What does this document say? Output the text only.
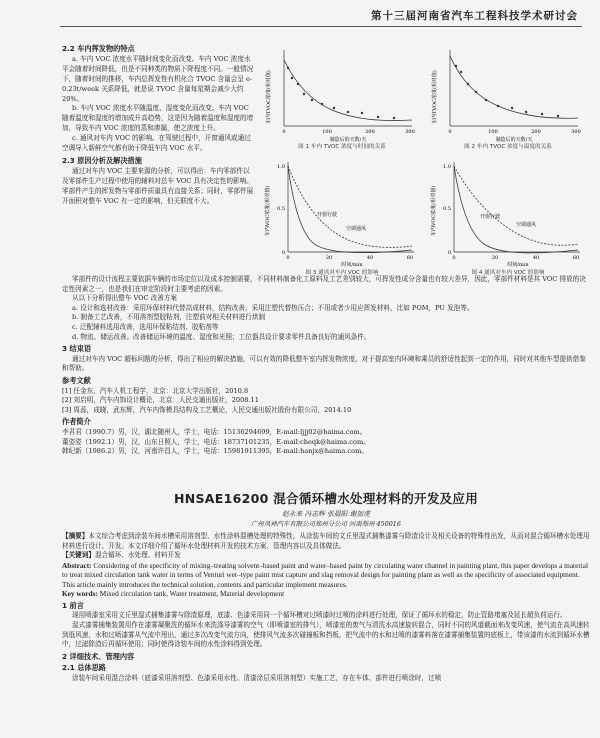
第十三届河南省汽车工程科技学术研讨会
2.2 车内挥发物的特点

a. 车内 VOC 浓度水平随时间变化而改变。车内 VOC 浓度水平会随着时间降低，但是不同种类的物质下降程度不同。一般情况下，随着时间的推移，车内总挥发性有机化合 TVOC 含量会呈 e-0.23t/week 关系降低，就是说 TVOC 含量每星期会减少大约 20%。

b. 车内 VOC 浓度水平随温度、湿度变化而改变。车内 VOC 随着温度和湿度的增加成升高趋势，这是因为随着温度和湿度的增加，导致车内 VOC 浓度的蒸和渗漏，使之浓度上升。

c. 通风对车内 VOC 的影响。在驾驶过程中，开窗通风或通过空调导入新鲜空气都有助于降低车内 VOC 水平。

2.3 原因分析及解决措施

通过对车内 VOC 主要来源的分析，可以得出：车内零部件以及零部件生产过程中使用的辅料对总车 VOC 具有决定性的影响。零部件产生的挥发物与零部件质量具有直接关系；同时，零部件展开面积对整车 VOC 有一定的影响，但关联度不大。

车内TVOC浓度(相对值)
0	100	200	300
制造后的天数/天
图 1 车内 TVOC 浓度与时间的关系
车内TVOC浓度(相对值)
0	100	200	300
制造后的天数/天
图 2 车内 TVOC 浓度与温度的关系
车内VOC浓度(相对值)
1.0
0.5
0
开窗行驶
空调通风
0	20	40	60
时间/min
图 3 通风对车内 VOC 的影响
车内VOC浓度(相对值)
1.0
0.5
0
开窗行驶
空调通风
0	20	40	60
时间/min
图 4 通风对车内 VOC 的影响

零部件的设计流程主要依据车辆的市场定位以及成本控制需要，不同材料制备化工原料及工艺差别较大，可挥发性成分含量也有较大差异，因此，零部件材料是其 VOC 排放的决定性因素之一，也是我们在审定阶段时主要考虑的因素。

从以下分析得出整车 VOC 改善方案

a. 设计和选材改善：采用环保材料代替高成材料，结构改善，采用注塑代替热压合；不用或者少用应挥发材料，比如 POM，PU 发泡等。

b. 制备工艺改善，不用溶剂型胶粘剂，注塑前对相关材料进行烘制

c. 泛配辅料选用改善，选用环保粘结剂、胶粘剂等

d. 物流、储运改善。改善储运环境的温度、湿度和光照；工位器具设计要求零件具备良好的通风条件。

3 结束语

通过对车内 VOC 超标问题的分析，得出了相应的解决措施，可以有效的降低整车室内挥发物浓度，对于提高室内环境和乘员的舒适性起到一定的作用，同时对其他车型提供借鉴和帮助。

参考文献

[1] 任金东，汽车人机工程学，北京：北京大学出版社，2010.8

[2] 刘启明，汽车内饰设计概论，北京：人民交通出版社，2008.11

[3] 周蕊，成晓，武东辉，汽车内饰模具结构及工艺概论，人民交通出版社股份有限公司，2014.10

作者简介

李君君（1990.7）男，汉，湖北随州人，学士，电话：15136294699，E-mail:ljjj02@haima.com。

董姿姿（1992.1）男，汉，山东日照人，学士，电话：18737101235，E-mail:cheqk@haima.com。

韩纪新（1986.2）男，汉，河南许昌人，学士，电话：15981911395，E-mail:hanjx@haima.com。

HNSAE16200 混合循环槽水处理材料的开发及应用
赵永来 冯志辉 张晨阳 谢加虎
广州风神汽车有限公司郑州分公司 河南郑州 450016

【摘要】本文综合考虑到涂装车间水槽采用溶剂型、水性涂料混槽处理的特殊性，从涂装车间的文丘里湿式捕集漆雾与除渣设计及相关设备的特殊性出发，从而对混合循环槽水处理用材料进行设计、开发。本文详细介绍了循环水处理材料开发的技术方案、管理内容以及具体做法。

【关键词】混合循环、水处理、材料开发

Abstract: Considering of the specificity of mixing–treating solvent–based paint and water–based paint by circulating water channel in painting plant, this paper develops a material to treat mixed circulation tank water in terms of Venturi wet–type paint mist capture and slag removal design for painting plant as well as the specificity of associated equipment. This article mainly introduces the technical solution, contents and particular implement measures.

Key words: Mixed circulation tank, Water treatment, Material development

1 前言

现用喷漆室采用文丘里湿式捕集漆雾与除渣原理，底漆、色漆采用同一个循环槽对过喷漆时过喷的涂料进行处理，保证了循环水的稳定，防止管路堵塞及延长超负荷运行。

湿式漆雾捕集装置用作在漆雾凝聚洗的循环水来洗涤导漆雾的空气（即喷漆室的排气），喷漆室的废气与清洗水高速旋转混合，同时不同的风道截面来改变风速，使气流在高风速转到低风速，水和过喷漆雾从气流中甩出，通过多次改变气流方向，使排风气流多次碰撞板和挡板，把气流中的水和过喷的漆雾料落在漆雾捕集装置的底板上，带该漆的水流到循环水槽中，过滤除渣后再循环使用；同时使得涂装车间的水性涂料得到处理。

2 详细技术、管理内容
2.1 总体思路

涂装车间采用混合涂料（底漆采用溶剂型、色漆采用水性、清漆涂层采用溶剂型）实施工艺，存在车体、部件进行喷涂时，过喷
